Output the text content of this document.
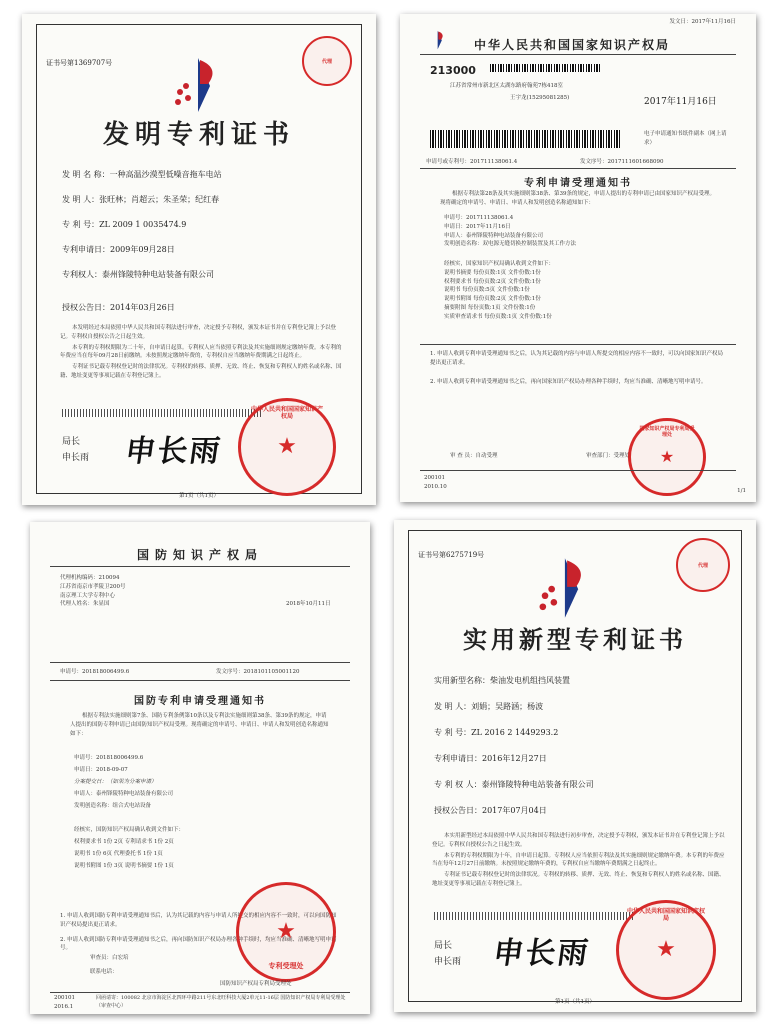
证书号第1369707号	代理
发明专利证书
发 明 名 称：一种高温沙漠型低噪音拖车电站
发 明 人：张旺林；肖超云；朱圣荣；纪红春
专 利 号：ZL 2009 1 0035474.9
专利申请日：2009年09月28日
专利权人：泰州锋陵特种电站装备有限公司
授权公告日：2014年03月26日

本发明经过本局依照中华人民共和国专利法进行审查，决定授予专利权，颁发本证书并在专利登记簿上予以登记。专利权自授权公告之日起生效。

本专利的专利权期限为二十年，自申请日起算。专利权人应当依照专利法及其实施细则规定缴纳年费。本专利的年费应当在每年09月28日前缴纳。未按照规定缴纳年费的，专利权自应当缴纳年费期满之日起终止。

专利证书记载专利权登记时的法律状况。专利权的转移、质押、无效、终止、恢复和专利权人的姓名或名称、国籍、地址变更等事项记载在专利登记簿上。

局长
申长雨 申长雨
中华人民共和国国家知识产权局
★
第1页（共1页）
中华人民共和国国家知识产权局
发文日：2017年11月16日
213000
江苏省常州市新北区太湖东路府翰苑7栋418室
王宇龙(15295081285)	2017年11月16日
电子申请通知书纸件副本（网上请求）
申请号或专利号：201711138061.4	发文序号：2017111601668090
专利申请受理通知书
根据专利法第28条及其实施细则第38条、第39条的规定，申请人提出的专利申请已由国家知识产权局受理。现将确定的申请号、申请日、申请人和发明创造名称通知如下：
申请号：201711138061.4
申请日：2017年11月16日
申请人：泰州锋陵特种电站装备有限公司
发明创造名称：双电源无缝切换控制装置及其工作方法
经核实，国家知识产权局确认收到文件如下：
说明书摘要 每份页数:1页 文件份数:1份
权利要求书 每份页数:2页 文件份数:1份
说明书 每份页数:5页 文件份数:1份
说明书附图 每份页数:2页 文件份数:1份
摘要附图 每份页数:1页 文件份数:1份
实质审查请求书 每份页数:1页 文件份数:1份
1. 申请人收到专利申请受理通知书之后，认为其记载的内容与申请人所提交的相应内容不一致时，可以向国家知识产权局提出更正请求。
2. 申请人收到专利申请受理通知书之后，再向国家知识产权局办理各种手续时，均应当准确、清晰地写明申请号。
审 查 员：自动受理	审查部门：受理处
国家知识产权局专利局受理处
★
200101 2010.10
1/1
国防知识产权局
代理机构编码：210094
江苏省南京市孝陵卫200号
南京理工大学专利中心
代理人姓名：朱显国	2018年10月11日
申请号：201818006499.6	发文序号：2018101105001120
国防专利申请受理通知书
根据专利法实施细则第7条、国防专利条例第10条以及专利法实施细则第38条、第39条的规定，申请人提出的国防专利申请已由国防知识产权局受理。现将确定的申请号、申请日、申请人和发明创造名称通知如下：
申请号：201818006499.6
申请日：2018-09-07
分案提交日：（如果为分案申请）
申请人：泰州锋陵特种电站装备有限公司
发明创造名称：组合式电站设备
经核实，国防知识产权局确认收到文件如下：
权利要求书 1份 2页 专利请求书 1份 2页
说明书 1份 6页 代理委托书 1份 1页
说明书附图 1份 3页 说明书摘要 1份 1页
1. 申请人收到国防专利申请受理通知书后，认为其记载的内容与申请人所提交的相应内容不一致时，可以向国防知识产权局提出更正请求。
2. 申请人收到国防专利申请受理通知书之后，再向国防知识产权局办理各种手续时，均应当准确、清晰地写明申请号。
审查员：白宏培
联系电话：
★
专利受理处
国防知识产权局专利局受理处
200101 2016.1
回函请寄：100082 北京市海淀区北四环中路211号东北旺科技大厦2单元11-16层 国防知识产权局专利局受理处（审查中心）
证书号第6275719号
代理
实用新型专利证书
实用新型名称：柴油发电机组挡风装置
发 明 人：刘娟；吴路涵；杨波
专 利 号：ZL 2016 2 1449293.2
专利申请日：2016年12月27日
专 利 权 人：泰州锋陵特种电站装备有限公司
授权公告日：2017年07月04日

本实用新型经过本局依照中华人民共和国专利法进行初步审查，决定授予专利权，颁发本证书并在专利登记簿上予以登记。专利权自授权公告之日起生效。

本专利的专利权期限为十年，自申请日起算。专利权人应当依照专利法及其实施细则规定缴纳年费。本专利的年费应当在每年12月27日前缴纳。未按照规定缴纳年费的，专利权自应当缴纳年费期满之日起终止。

专利证书记载专利权登记时的法律状况。专利权的转移、质押、无效、终止、恢复和专利权人的姓名或名称、国籍、地址变更等事项记载在专利登记簿上。

局长
申长雨 申长雨
中华人民共和国国家知识产权局
★
第1页（共1页）
